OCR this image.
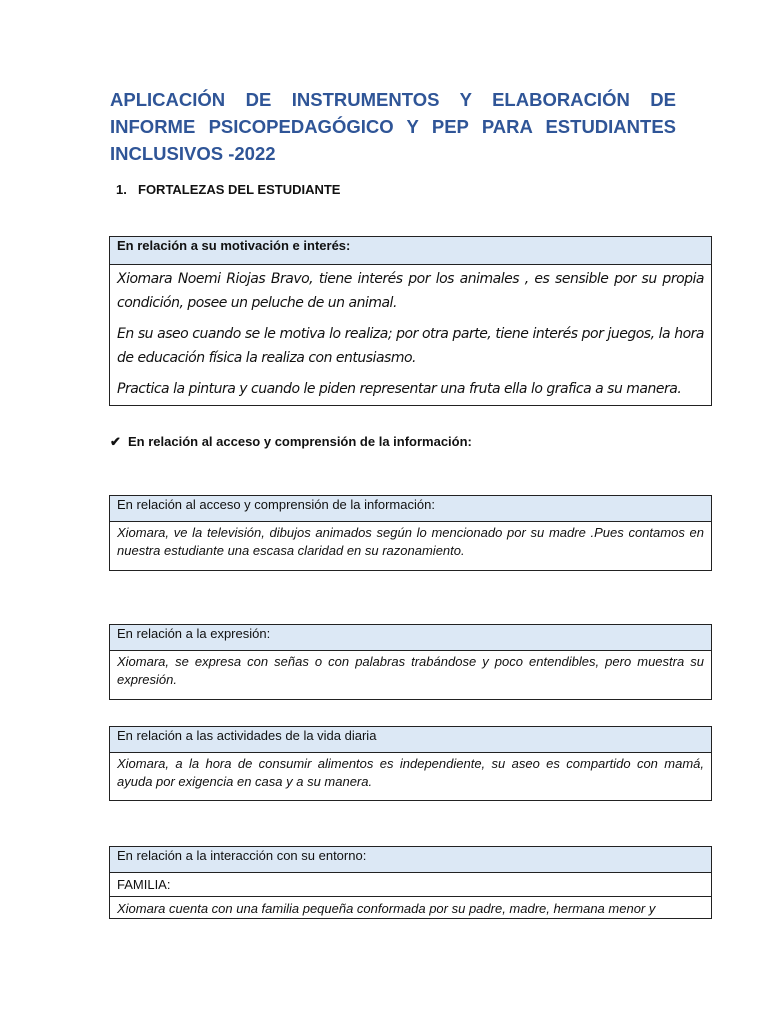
APLICACIÓN DE INSTRUMENTOS Y ELABORACIÓN DE INFORME PSICOPEDAGÓGICO Y PEP PARA ESTUDIANTES INCLUSIVOS -2022
1. FORTALEZAS DEL ESTUDIANTE
En relación a su motivación e interés:

Xiomara Noemi Riojas Bravo, tiene interés por los animales , es sensible por su propia condición, posee un peluche de un animal.

En su aseo cuando se le motiva lo realiza; por otra parte, tiene interés por juegos, la hora de educación física la realiza con entusiasmo.

Practica la pintura y cuando le piden representar una fruta ella lo grafica a su manera.

✔ En relación al acceso y comprensión de la información:
En relación al acceso y comprensión de la información:

Xiomara, ve la televisión, dibujos animados según lo mencionado por su madre .Pues contamos en nuestra estudiante una escasa claridad en su razonamiento.

En relación a la expresión:

Xiomara, se expresa con señas o con palabras trabándose y poco entendibles, pero muestra su expresión.

En relación a las actividades de la vida diaria

Xiomara, a la hora de consumir alimentos es independiente, su aseo es compartido con mamá, ayuda por exigencia en casa y a su manera.

En relación a la interacción con su entorno:
FAMILIA:

Xiomara cuenta con una familia pequeña conformada por su padre, madre, hermana menor y
